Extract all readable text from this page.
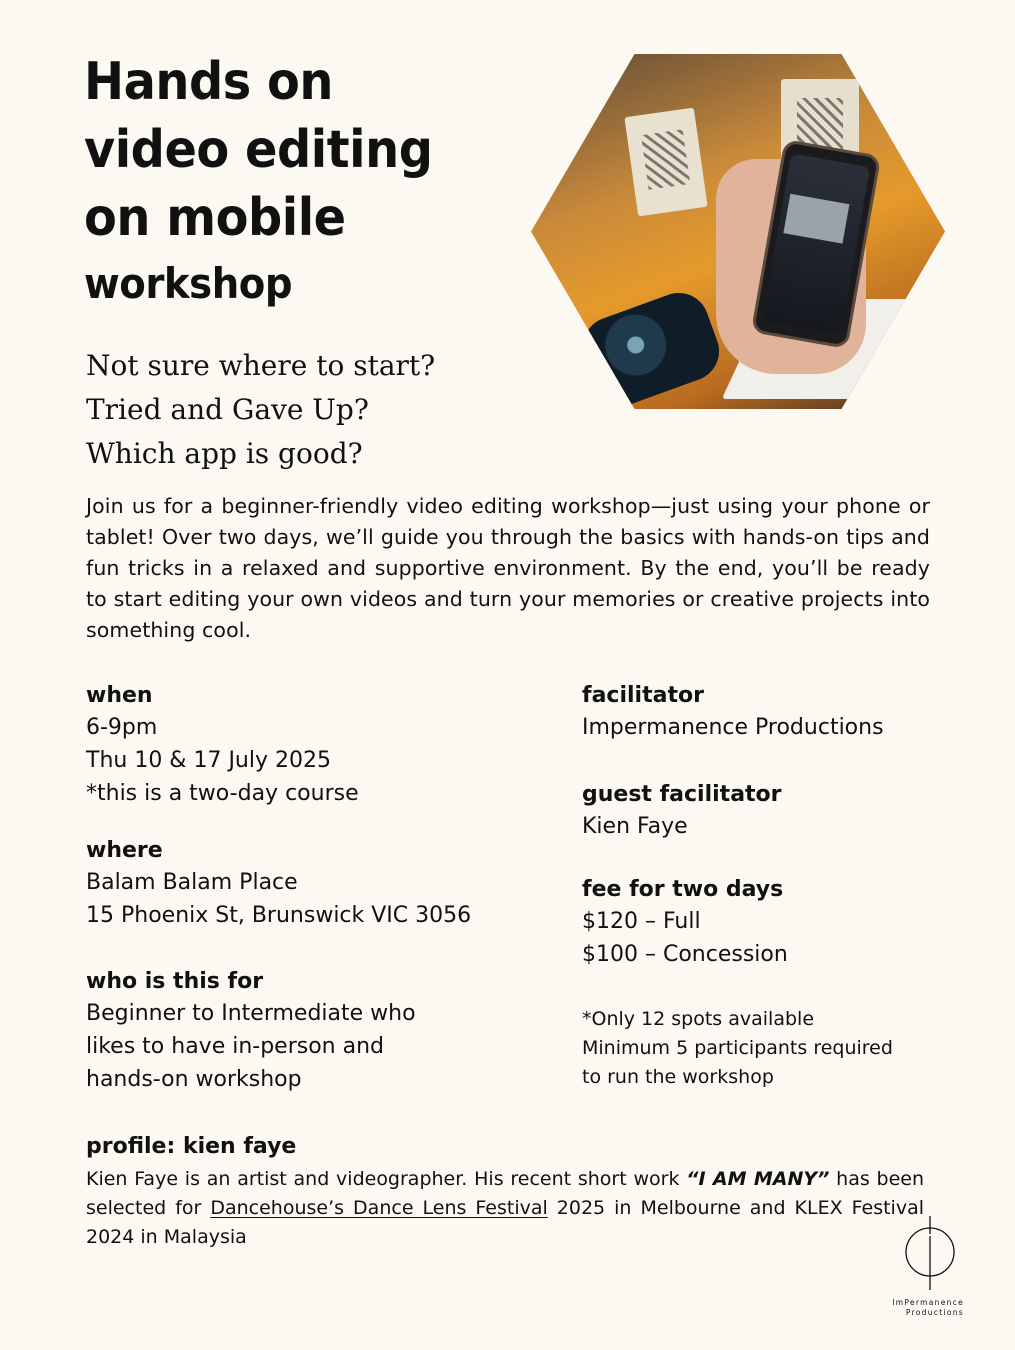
Hands on
video editing
on mobile
workshop
Not sure where to start?
Tried and Gave Up?
Which app is good?
Join us for a beginner-friendly video editing workshop—just using your phone or tablet! Over two days, we’ll guide you through the basics with hands-on tips and fun tricks in a relaxed and supportive environment. By the end, you’ll be ready to start editing your own videos and turn your memories or creative projects into something cool.
when
6-9pm
Thu 10 & 17 July 2025
*this is a two-day course
where
Balam Balam Place
15 Phoenix St, Brunswick VIC 3056
who is this for
Beginner to Intermediate who
likes to have in-person and
hands-on workshop
facilitator
Impermanence Productions
guest facilitator
Kien Faye
fee for two days
$120 – Full
$100 – Concession
*Only 12 spots available
Minimum 5 participants required
to run the workshop
profile: kien faye
Kien Faye is an artist and videographer. His recent short work “I AM MANY” has been selected for Dancehouse’s Dance Lens Festival 2025 in Melbourne and KLEX Festival 2024 in Malaysia
ImPermanence
Productions
